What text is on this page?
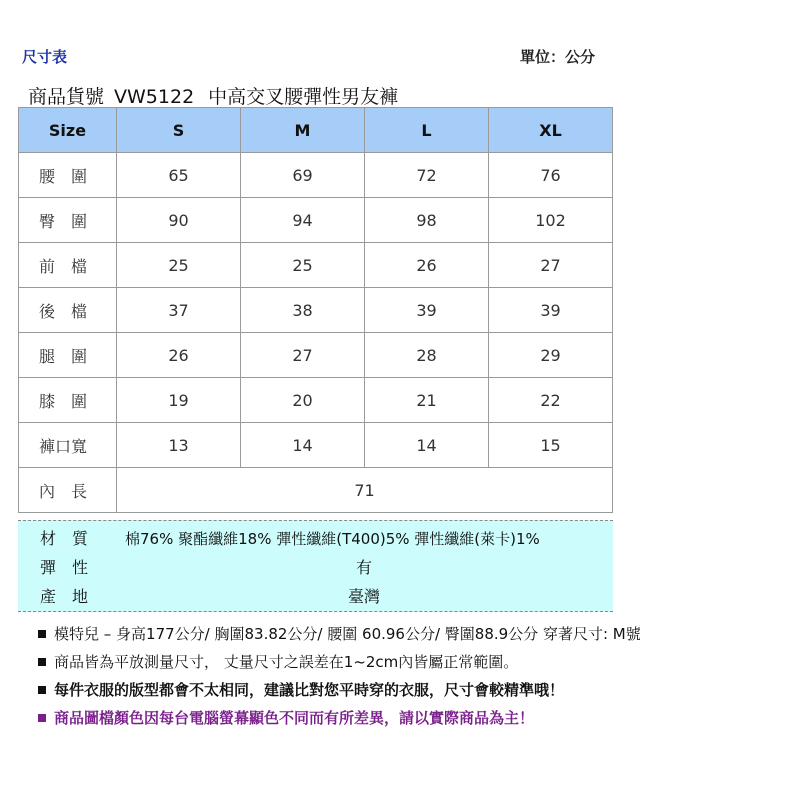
尺寸表	單位：公分
商品貨號 VW5122 中高交叉腰彈性男友褲
Size	S	M	L	XL
腰　圍	65	69	72	76
臀　圍	90	94	98	102
前　檔	25	25	26	27
後　檔	37	38	39	39
腿　圍	26	27	28	29
膝　圍	19	20	21	22
褲口寬	13	14	14	15
內　長	71			
材　質 棉76% 聚酯纖維18% 彈性纖維(T400)5% 彈性纖維(萊卡)1%
彈　性	有
產　地	臺灣
模特兒 – 身高177公分/ 胸圍83.82公分/ 腰圍 60.96公分/ 臀圍88.9公分 穿著尺寸: M號
商品皆為平放測量尺寸， 丈量尺寸之誤差在1~2cm內皆屬正常範圍。
每件衣服的版型都會不太相同，建議比對您平時穿的衣服，尺寸會較精準哦！
商品圖檔顏色因每台電腦螢幕顯色不同而有所差異，請以實際商品為主！
